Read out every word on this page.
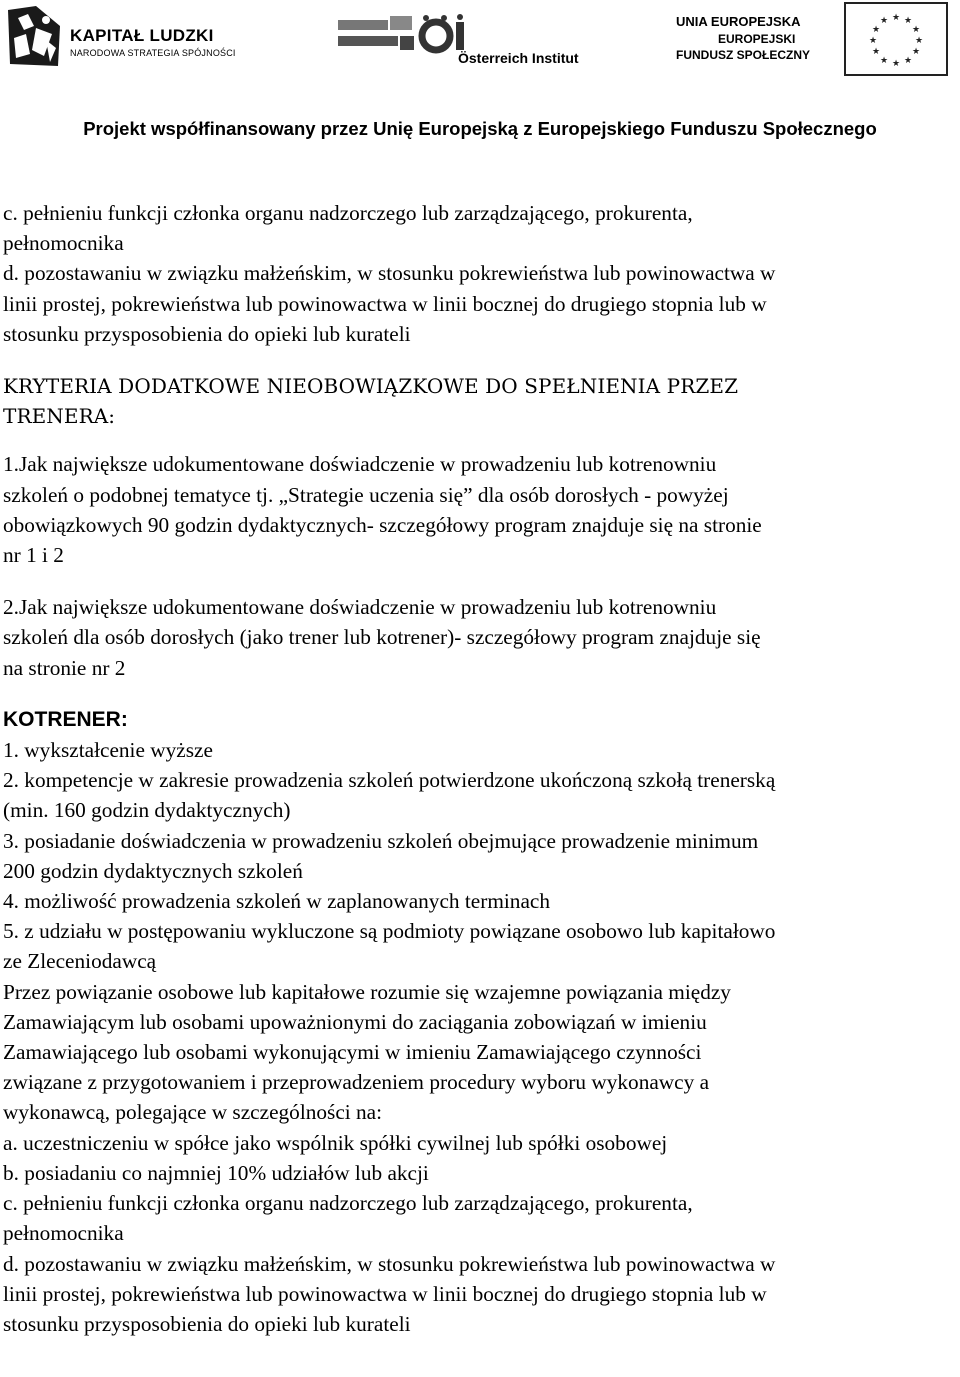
KAPITAŁ LUDZKI
NARODOWA STRATEGIA SPÓJNOŚCI	Österreich Institut
UNIA EUROPEJSKA
EUROPEJSKI
FUNDUSZ SPOŁECZNY
★ ★
★
★
★
★
★
★
★
★
★
★
Projekt współfinansowany przez Unię Europejską z Europejskiego Funduszu Społecznego

c. pełnieniu funkcji członka organu nadzorczego lub zarządzającego, prokurenta,
pełnomocnika

d. pozostawaniu w związku małżeńskim, w stosunku pokrewieństwa lub powinowactwa w
linii prostej, pokrewieństwa lub powinowactwa w linii bocznej do drugiego stopnia lub w
stosunku przysposobienia do opieki lub kurateli

KRYTERIA DODATKOWE NIEOBOWIĄZKOWE DO SPEŁNIENIA PRZEZ
TRENERA:

1.Jak największe udokumentowane doświadczenie w prowadzeniu lub kotrenowniu
szkoleń o podobnej tematyce tj. „Strategie uczenia się” dla osób dorosłych - powyżej
obowiązkowych 90 godzin dydaktycznych- szczegółowy program znajduje się na stronie
nr 1 i 2

2.Jak największe udokumentowane doświadczenie w prowadzeniu lub kotrenowniu
szkoleń dla osób dorosłych (jako trener lub kotrener)- szczegółowy program znajduje się
na stronie nr 2

KOTRENER:

1. wykształcenie wyższe

2. kompetencje w zakresie prowadzenia szkoleń potwierdzone ukończoną szkołą trenerską
(min. 160 godzin dydaktycznych)

3. posiadanie doświadczenia w prowadzeniu szkoleń obejmujące prowadzenie minimum
200 godzin dydaktycznych szkoleń

4. możliwość prowadzenia szkoleń w zaplanowanych terminach

5. z udziału w postępowaniu wykluczone są podmioty powiązane osobowo lub kapitałowo
ze Zleceniodawcą

Przez powiązanie osobowe lub kapitałowe rozumie się wzajemne powiązania między
Zamawiającym lub osobami upoważnionymi do zaciągania zobowiązań w imieniu
Zamawiającego lub osobami wykonującymi w imieniu Zamawiającego czynności
związane z przygotowaniem i przeprowadzeniem procedury wyboru wykonawcy a
wykonawcą, polegające w szczególności na:

a. uczestniczeniu w spółce jako wspólnik spółki cywilnej lub spółki osobowej

b. posiadaniu co najmniej 10% udziałów lub akcji

c. pełnieniu funkcji członka organu nadzorczego lub zarządzającego, prokurenta,
pełnomocnika

d. pozostawaniu w związku małżeńskim, w stosunku pokrewieństwa lub powinowactwa w
linii prostej, pokrewieństwa lub powinowactwa w linii bocznej do drugiego stopnia lub w
stosunku przysposobienia do opieki lub kurateli
